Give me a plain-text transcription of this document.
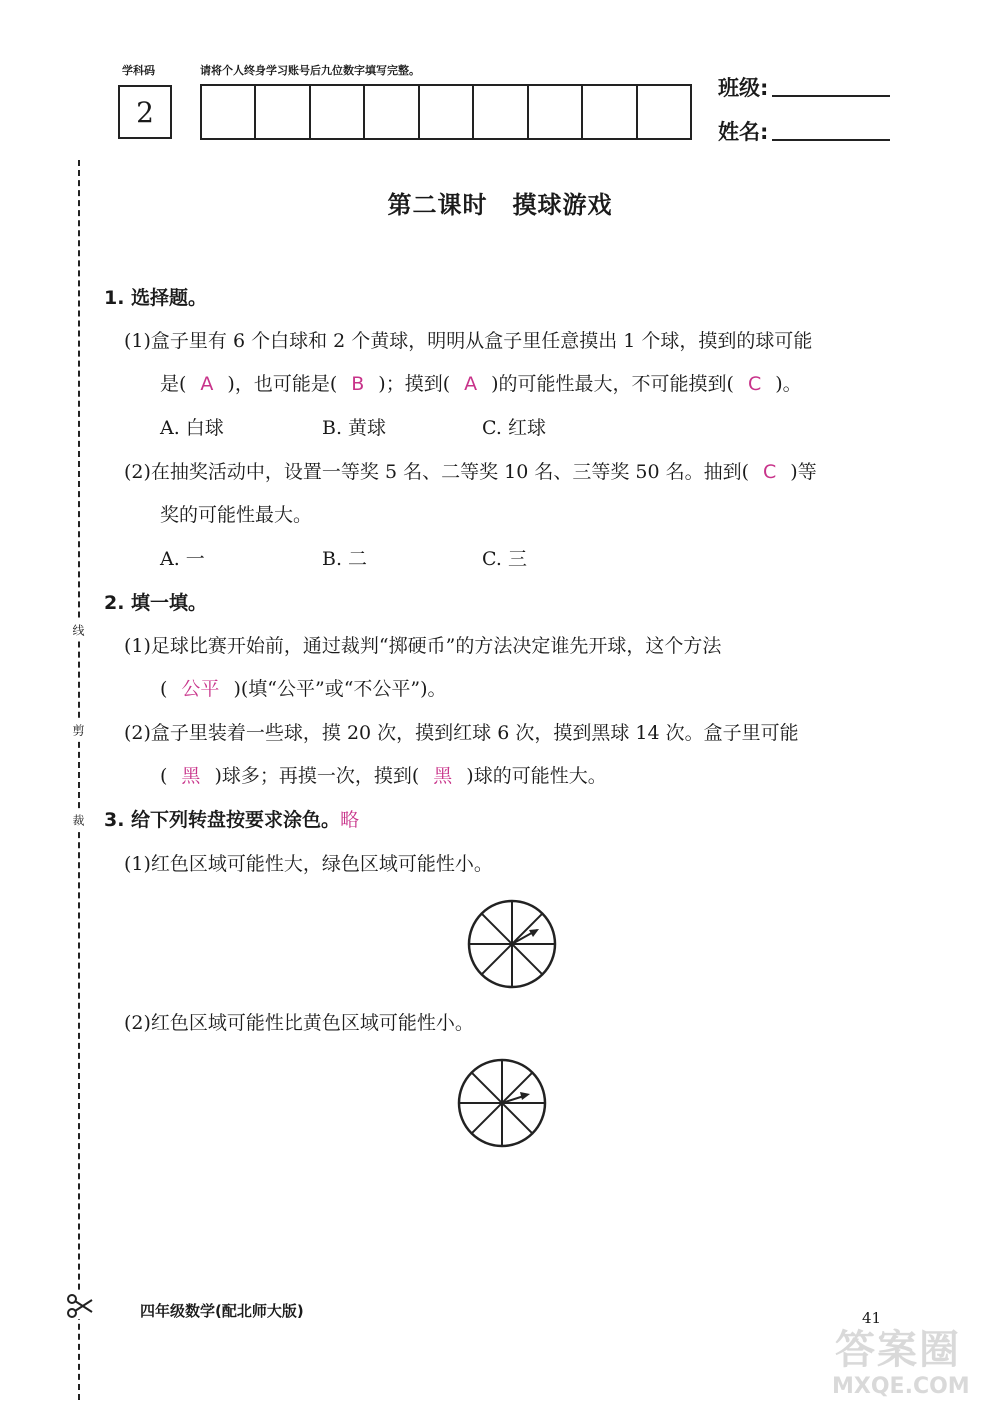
学科码	请将个人终身学习账号后九位数字填写完整。
2
班级:
姓名:
线
剪
裁
第二课时　摸球游戏
1. 选择题。
(1)盒子里有 6 个白球和 2 个黄球，明明从盒子里任意摸出 1 个球，摸到的球可能
是( A )，也可能是( B )；摸到( A )的可能性最大，不可能摸到( C )。
A. 白球	B. 黄球	C. 红球
(2)在抽奖活动中，设置一等奖 5 名、二等奖 10 名、三等奖 50 名。抽到( C )等
奖的可能性最大。
A. 一	B. 二	C. 三
2. 填一填。
(1)足球比赛开始前，通过裁判“掷硬币”的方法决定谁先开球，这个方法
( 公平 )(填“公平”或“不公平”)。
(2)盒子里装着一些球，摸 20 次，摸到红球 6 次，摸到黑球 14 次。盒子里可能
( 黑 )球多；再摸一次，摸到( 黑 )球的可能性大。
3. 给下列转盘按要求涂色。略
(1)红色区域可能性大，绿色区域可能性小。
(2)红色区域可能性比黄色区域可能性小。
四年级数学(配北师大版)	41
答案圈
MXQE.COM
